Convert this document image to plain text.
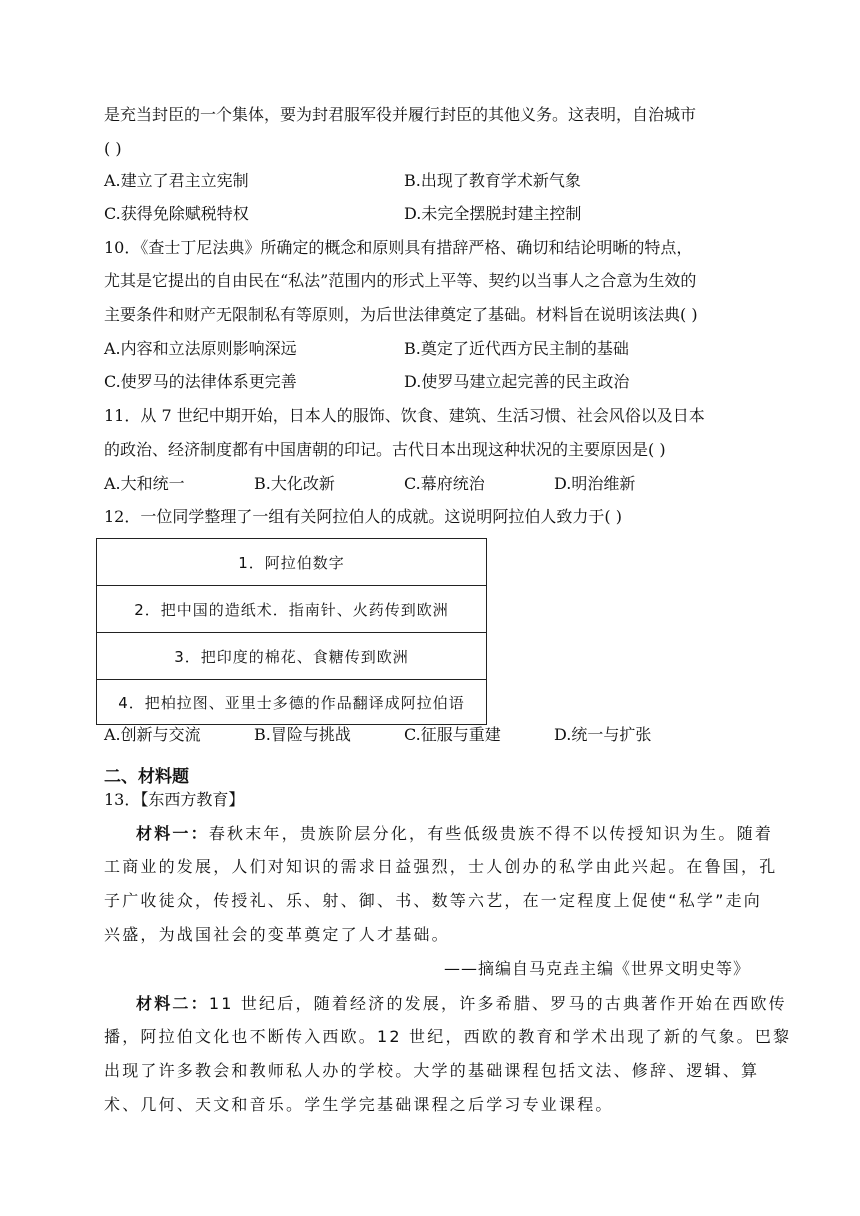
是充当封臣的一个集体，要为封君服军役并履行封臣的其他义务。这表明，自治城市
( )
A.建立了君主立宪制	B.出现了教育学术新气象
C.获得免除赋税特权	D.未完全摆脱封建主控制
10．《查士丁尼法典》所确定的概念和原则具有措辞严格、确切和结论明晰的特点，
尤其是它提出的自由民在“私法”范围内的形式上平等、契约以当事人之合意为生效的
主要条件和财产无限制私有等原则，为后世法律奠定了基础。材料旨在说明该法典( )
A.内容和立法原则影响深远	B.奠定了近代西方民主制的基础
C.使罗马的法律体系更完善	D.使罗马建立起完善的民主政治
11．从 7 世纪中期开始，日本人的服饰、饮食、建筑、生活习惯、社会风俗以及日本
的政治、经济制度都有中国唐朝的印记。古代日本出现这种状况的主要原因是( )
A.大和统一	B.大化改新	C.幕府统治	D.明治维新
12．一位同学整理了一组有关阿拉伯人的成就。这说明阿拉伯人致力于( )
1．阿拉伯数字
2．把中国的造纸术．指南针、火药传到欧洲
3．把印度的棉花、食糖传到欧洲
4．把柏拉图、亚里士多德的作品翻译成阿拉伯语
A.创新与交流	B.冒险与挑战	C.征服与重建	D.统一与扩张
二、材料题
13．【东西方教育】
材料一：春秋末年，贵族阶层分化，有些低级贵族不得不以传授知识为生。随着
工商业的发展，人们对知识的需求日益强烈，士人创办的私学由此兴起。在鲁国，孔
子广收徒众，传授礼、乐、射、御、书、数等六艺，在一定程度上促使“私学”走向
兴盛，为战国社会的变革奠定了人才基础。
——摘编自马克垚主编《世界文明史等》
材料二：11 世纪后，随着经济的发展，许多希腊、罗马的古典著作开始在西欧传
播，阿拉伯文化也不断传入西欧。12 世纪，西欧的教育和学术出现了新的气象。巴黎
出现了许多教会和教师私人办的学校。大学的基础课程包括文法、修辞、逻辑、算
术、几何、天文和音乐。学生学完基础课程之后学习专业课程。
